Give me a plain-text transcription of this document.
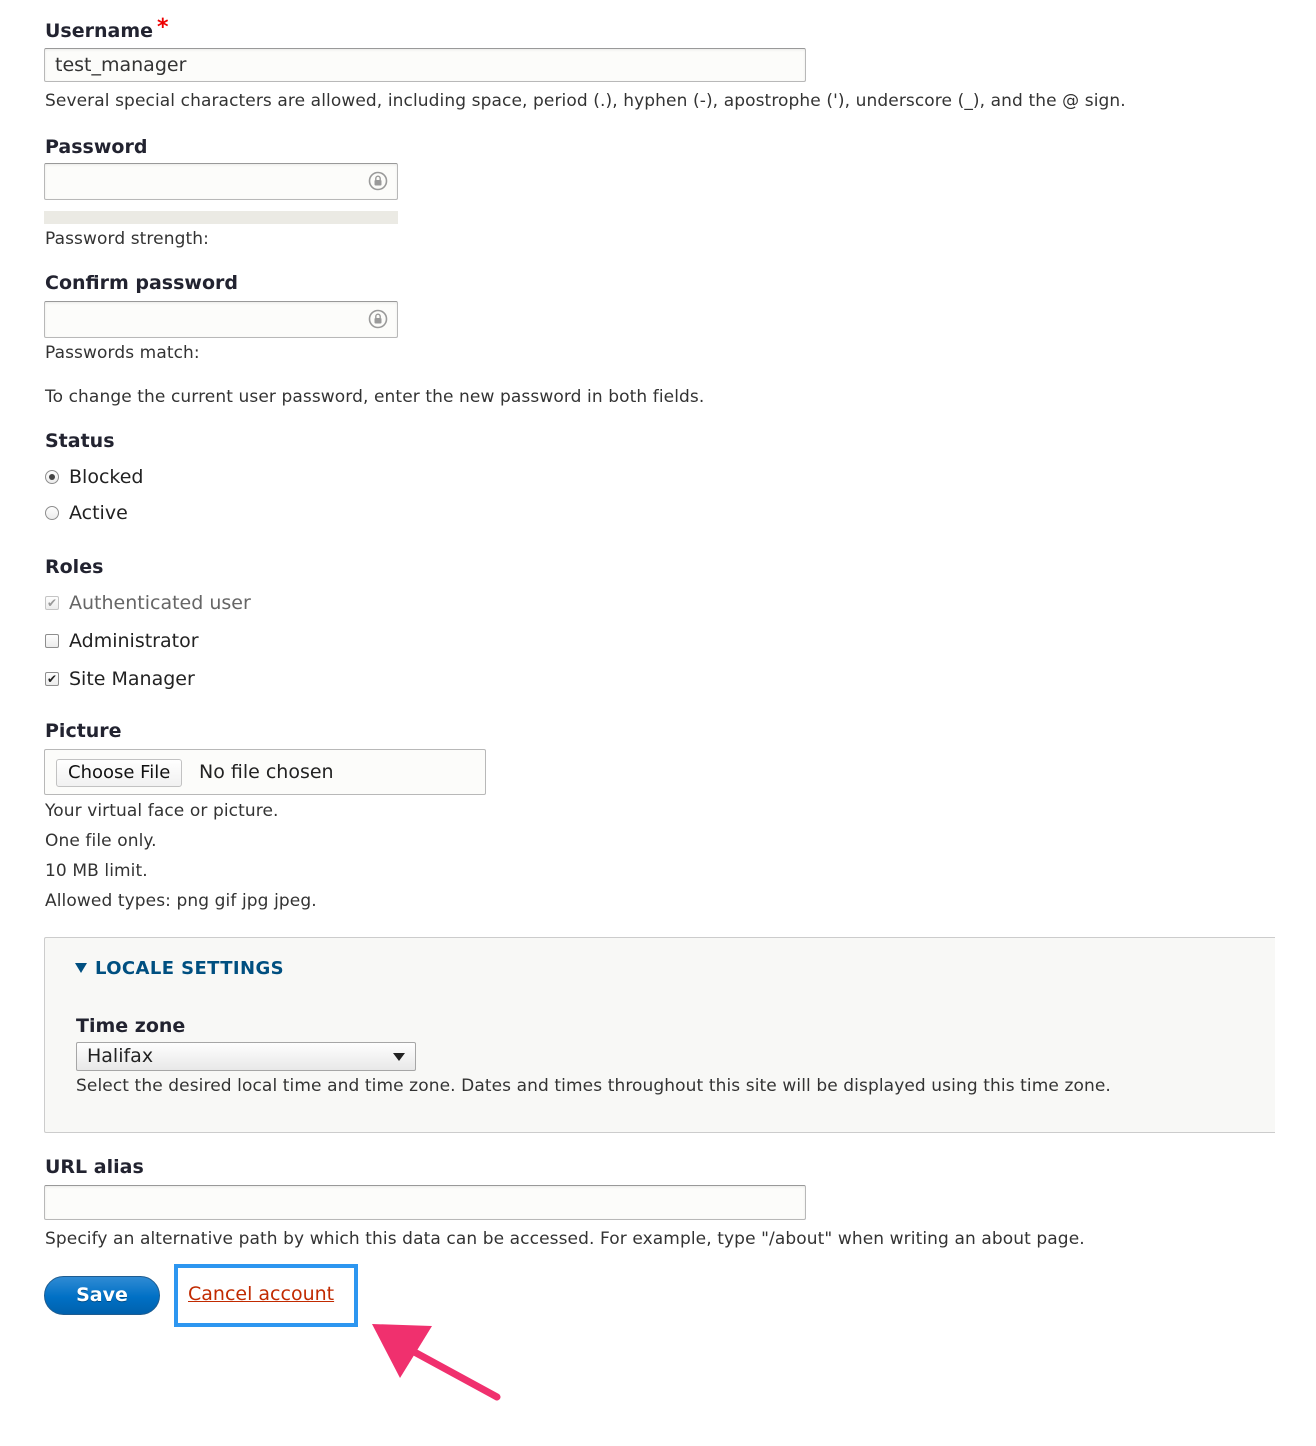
Username *
test_manager
Several special characters are allowed, including space, period (.), hyphen (-), apostrophe ('), underscore (_), and the @ sign.
Password
Password strength:
Confirm password
Passwords match:
To change the current user password, enter the new password in both fields.
Status
Blocked
Active
Roles
✔ Authenticated user
Administrator
✔ Site Manager
Picture
Choose File	No file chosen
Your virtual face or picture.
One file only.
10 MB limit.
Allowed types: png gif jpg jpeg.
LOCALE SETTINGS
Time zone
Halifax
Select the desired local time and time zone. Dates and times throughout this site will be displayed using this time zone.
URL alias
Specify an alternative path by which this data can be accessed. For example, type "/about" when writing an about page.
Save	Cancel account
